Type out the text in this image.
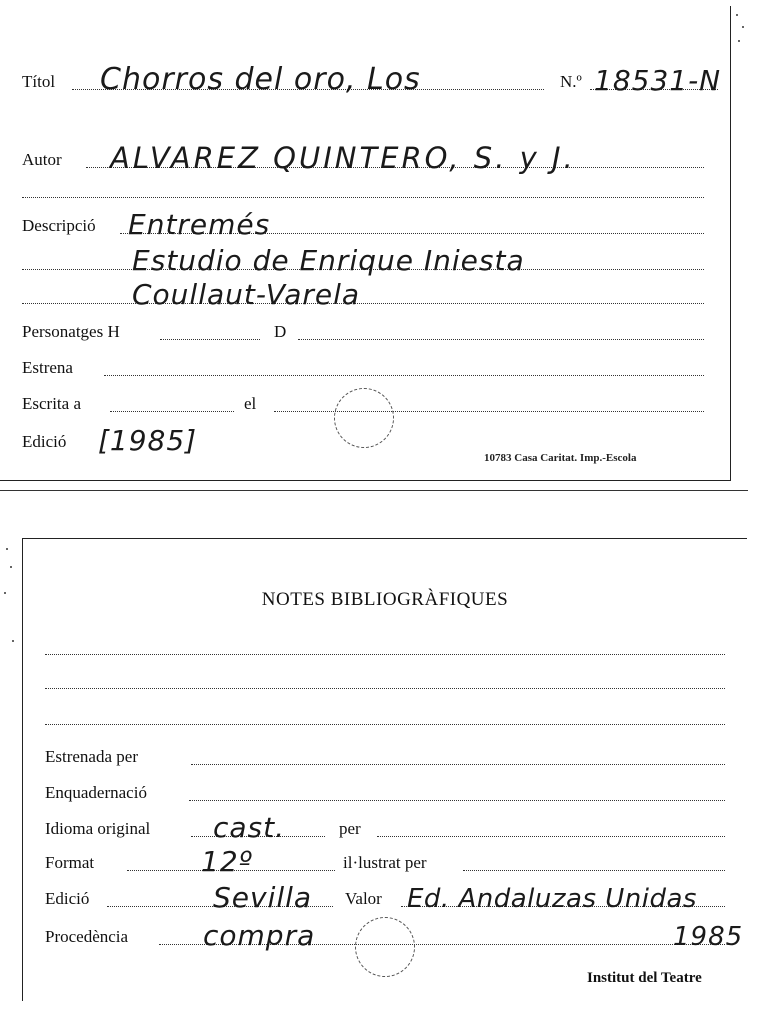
Títol Chorros del oro, Los	N.º 18531-N
Autor ALVAREZ QUINTERO, S. y J.
Descripció Entremés
Estudio de Enrique Iniesta
Coullaut-Varela
Personatges H	D
Estrena
Escrita a	el
Edició [1985]
10783 Casa Caritat. Imp.-Escola
NOTES BIBLIOGRÀFIQUES
Estrenada per
Enquadernació
Idioma original cast.	per
Format	12º	il·lustrat per
Edició	Sevilla Valor Ed. Andaluzas Unidas
Procedència	compra	1985
Institut del Teatre
